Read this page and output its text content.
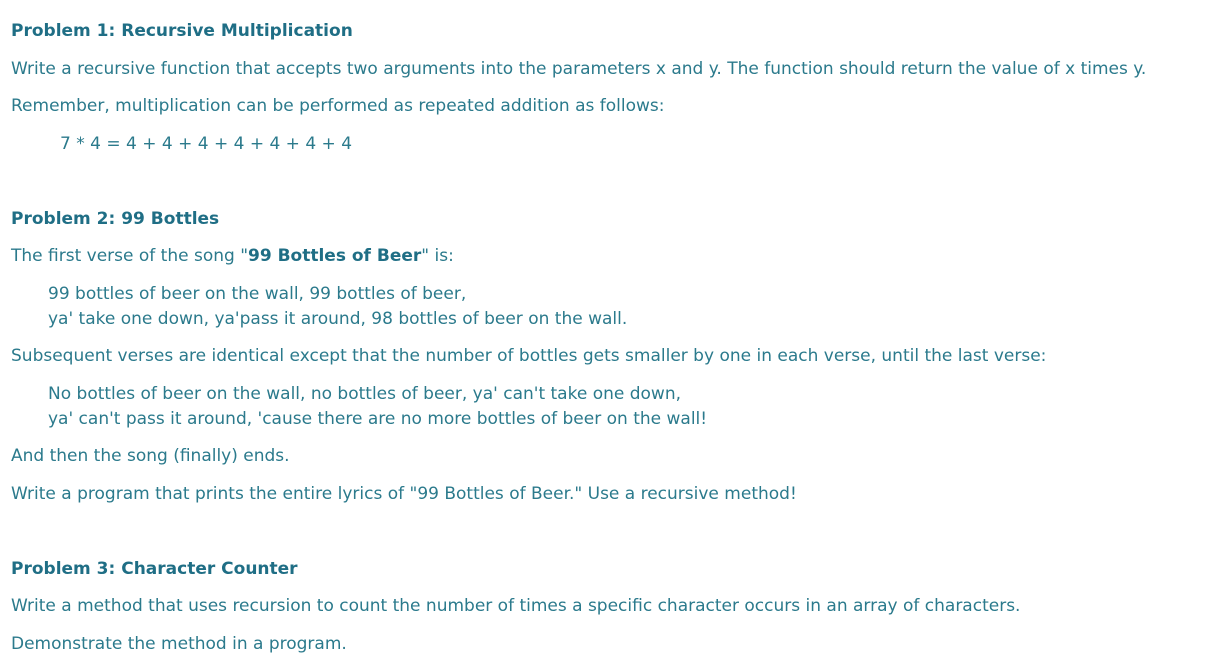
Problem 1: Recursive Multiplication
Write a recursive function that accepts two arguments into the parameters x and y. The function should return the value of x times y.
Remember, multiplication can be performed as repeated addition as follows:
7 * 4 = 4 + 4 + 4 + 4 + 4 + 4 + 4
Problem 2: 99 Bottles
The first verse of the song "99 Bottles of Beer" is:
99 bottles of beer on the wall, 99 bottles of beer,
ya' take one down, ya'pass it around, 98 bottles of beer on the wall.
Subsequent verses are identical except that the number of bottles gets smaller by one in each verse, until the last verse:
No bottles of beer on the wall, no bottles of beer, ya' can't take one down,
ya' can't pass it around, 'cause there are no more bottles of beer on the wall!
And then the song (finally) ends.
Write a program that prints the entire lyrics of "99 Bottles of Beer." Use a recursive method!
Problem 3: Character Counter
Write a method that uses recursion to count the number of times a specific character occurs in an array of characters.
Demonstrate the method in a program.
